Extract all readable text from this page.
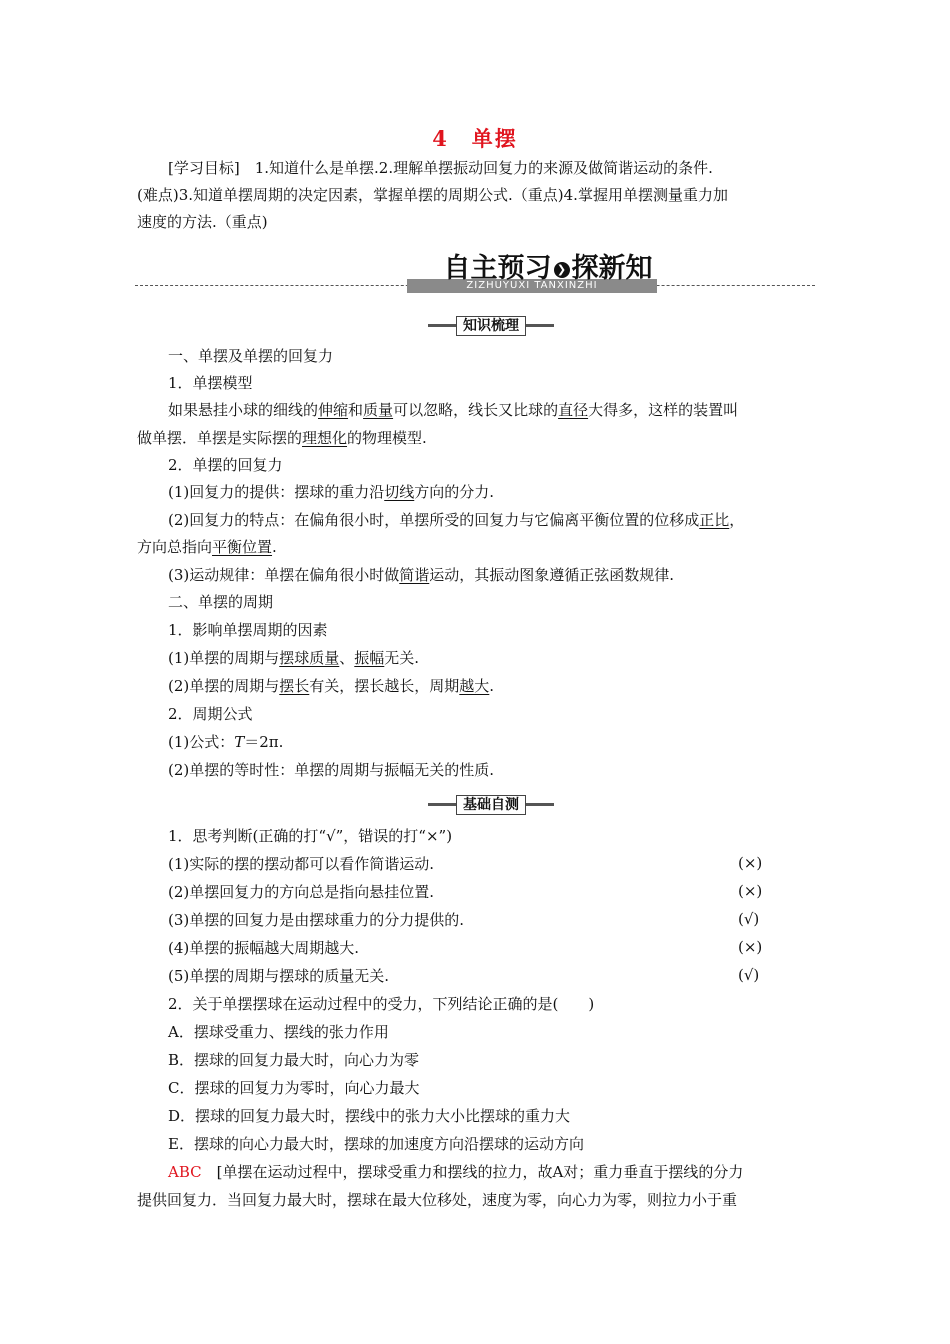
4　单摆
[学习目标]　1.知道什么是单摆.2.理解单摆振动回复力的来源及做简谐运动的条件.
(难点)3.知道单摆周期的决定因素，掌握单摆的周期公式.（重点)4.掌握用单摆测量重力加
速度的方法.（重点)
ZIZHUYUXI TANXINZHI
自主预习 ❯ 探新知
知识梳理
一、单摆及单摆的回复力
1．单摆模型
如果悬挂小球的细线的伸缩和质量可以忽略，线长又比球的直径大得多，这样的装置叫
做单摆．单摆是实际摆的理想化的物理模型.
2．单摆的回复力
(1)回复力的提供：摆球的重力沿切线方向的分力.
(2)回复力的特点：在偏角很小时，单摆所受的回复力与它偏离平衡位置的位移成正比，
方向总指向平衡位置.
(3)运动规律：单摆在偏角很小时做简谐运动，其振动图象遵循正弦函数规律.
二、单摆的周期
1．影响单摆周期的因素
(1)单摆的周期与摆球质量、振幅无关.
(2)单摆的周期与摆长有关，摆长越长，周期越大.
2．周期公式
(1)公式：T＝2π.
(2)单摆的等时性：单摆的周期与振幅无关的性质.
基础自测
1．思考判断(正确的打“√”，错误的打“×”)
(1)实际的摆的摆动都可以看作简谐运动.	(×)
(2)单摆回复力的方向总是指向悬挂位置.	(×)
(3)单摆的回复力是由摆球重力的分力提供的.	(√)
(4)单摆的振幅越大周期越大.	(×)
(5)单摆的周期与摆球的质量无关.	(√)
2．关于单摆摆球在运动过程中的受力，下列结论正确的是(　　)
A．摆球受重力、摆线的张力作用
B．摆球的回复力最大时，向心力为零
C．摆球的回复力为零时，向心力最大
D．摆球的回复力最大时，摆线中的张力大小比摆球的重力大
E．摆球的向心力最大时，摆球的加速度方向沿摆球的运动方向
ABC　[单摆在运动过程中，摆球受重力和摆线的拉力，故A对；重力垂直于摆线的分力
提供回复力．当回复力最大时，摆球在最大位移处，速度为零，向心力为零，则拉力小于重
